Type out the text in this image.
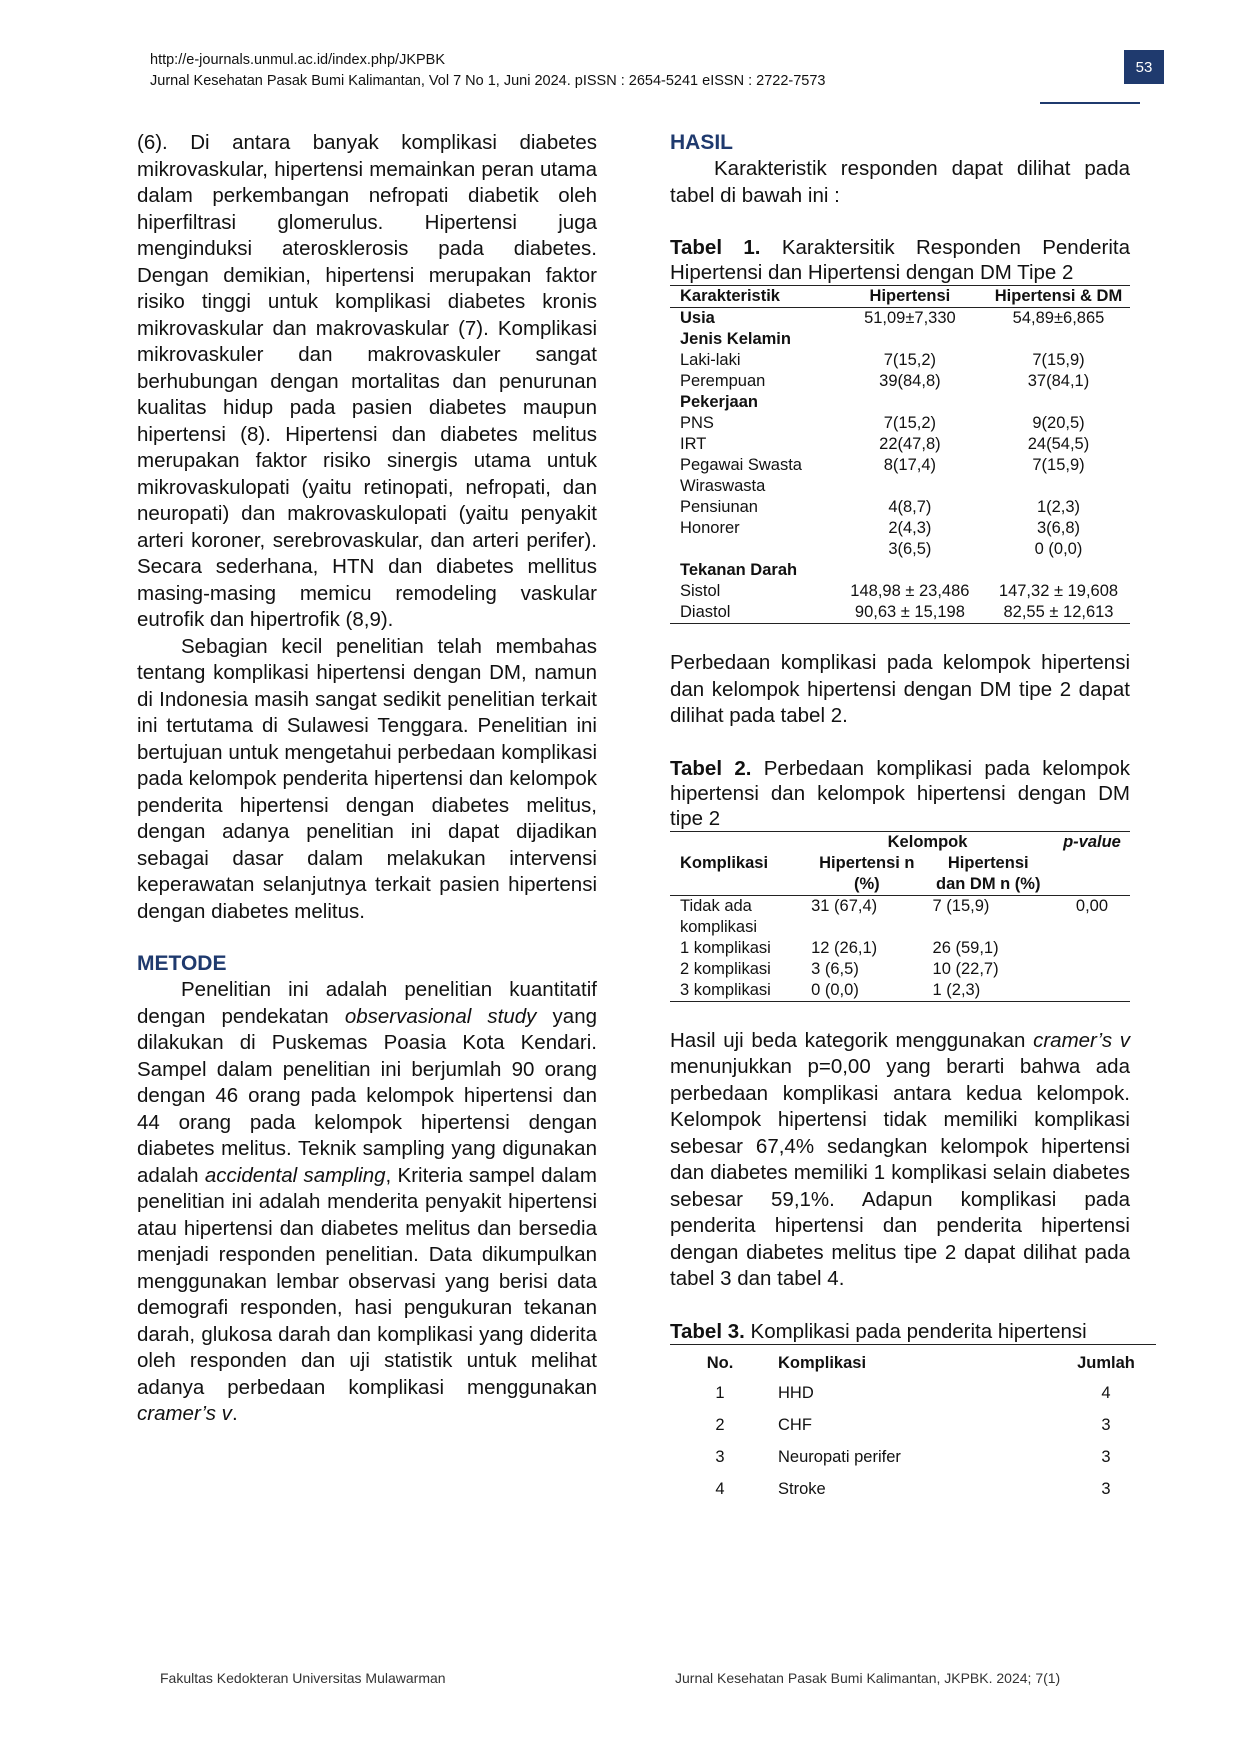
http://e-journals.unmul.ac.id/index.php/JKPBK
Jurnal Kesehatan Pasak Bumi Kalimantan, Vol 7 No 1, Juni 2024. pISSN : 2654-5241 eISSN : 2722-7573
53

(6). Di antara banyak komplikasi diabetes mikrovaskular, hipertensi memainkan peran utama dalam perkembangan nefropati diabetik oleh hiperfiltrasi glomerulus. Hipertensi juga menginduksi aterosklerosis pada diabetes. Dengan demikian, hipertensi merupakan faktor risiko tinggi untuk komplikasi diabetes kronis mikrovaskular dan makrovaskular (7). Komplikasi mikrovaskuler dan makrovaskuler sangat berhubungan dengan mortalitas dan penurunan kualitas hidup pada pasien diabetes maupun hipertensi (8). Hipertensi dan diabetes melitus merupakan faktor risiko sinergis utama untuk mikrovaskulopati (yaitu retinopati, nefropati, dan neuropati) dan makrovaskulopati (yaitu penyakit arteri koroner, serebrovaskular, dan arteri perifer). Secara sederhana, HTN dan diabetes mellitus masing-masing memicu remodeling vaskular eutrofik dan hipertrofik (8,9).

Sebagian kecil penelitian telah membahas tentang komplikasi hipertensi dengan DM, namun di Indonesia masih sangat sedikit penelitian terkait ini tertutama di Sulawesi Tenggara. Penelitian ini bertujuan untuk mengetahui perbedaan komplikasi pada kelompok penderita hipertensi dan kelompok penderita hipertensi dengan diabetes melitus, dengan adanya penelitian ini dapat dijadikan sebagai dasar dalam melakukan intervensi keperawatan selanjutnya terkait pasien hipertensi dengan diabetes melitus.

METODE

Penelitian ini adalah penelitian kuantitatif dengan pendekatan observasional study yang dilakukan di Puskemas Poasia Kota Kendari. Sampel dalam penelitian ini berjumlah 90 orang dengan 46 orang pada kelompok hipertensi dan 44 orang pada kelompok hipertensi dengan diabetes melitus. Teknik sampling yang digunakan adalah accidental sampling, Kriteria sampel dalam penelitian ini adalah menderita penyakit hipertensi atau hipertensi dan diabetes melitus dan bersedia menjadi responden penelitian. Data dikumpulkan menggunakan lembar observasi yang berisi data demografi responden, hasi pengukuran tekanan darah, glukosa darah dan komplikasi yang diderita oleh responden dan uji statistik untuk melihat adanya perbedaan komplikasi menggunakan cramer’s v.

HASIL

Karakteristik responden dapat dilihat pada tabel di bawah ini :

Tabel 1. Karaktersitik Responden Penderita Hipertensi dan Hipertensi dengan DM Tipe 2

Karakteristik	Hipertensi	Hipertensi & DM
Usia	51,09±7,330	54,89±6,865
Jenis Kelamin		
Laki-laki	7(15,2)	7(15,9)
Perempuan	39(84,8)	37(84,1)
Pekerjaan		
PNS	7(15,2)	9(20,5)
IRT	22(47,8)	24(54,5)
Pegawai Swasta	8(17,4)	7(15,9)
Wiraswasta		
Pensiunan	4(8,7)	1(2,3)
Honorer	2(4,3)	3(6,8)
	3(6,5)	0 (0,0)
Tekanan Darah		
Sistol	148,98 ± 23,486	147,32 ± 19,608
Diastol	90,63 ± 15,198	82,55 ± 12,613

Perbedaan komplikasi pada kelompok hipertensi dan kelompok hipertensi dengan DM tipe 2 dapat dilihat pada tabel 2.

Tabel 2. Perbedaan komplikasi pada kelompok hipertensi dan kelompok hipertensi dengan DM tipe 2

Komplikasi	Kelompok		p-value
	Hipertensi n (%)	Hipertensi dan DM n (%)	
Tidak ada komplikasi	31 (67,4)	7 (15,9)	0,00
1 komplikasi	12 (26,1)	26 (59,1)	
2 komplikasi	3 (6,5)	10 (22,7)	
3 komplikasi	0 (0,0)	1 (2,3)	

Hasil uji beda kategorik menggunakan cramer’s v menunjukkan p=0,00 yang berarti bahwa ada perbedaan komplikasi antara kedua kelompok. Kelompok hipertensi tidak memiliki komplikasi sebesar 67,4% sedangkan kelompok hipertensi dan diabetes memiliki 1 komplikasi selain diabetes sebesar 59,1%. Adapun komplikasi pada penderita hipertensi dan penderita hipertensi dengan diabetes melitus tipe 2 dapat dilihat pada tabel 3 dan tabel 4.

Tabel 3. Komplikasi pada penderita hipertensi

No.	Komplikasi	Jumlah
1	HHD	4
2	CHF	3
3	Neuropati perifer	3
4	Stroke	3
Fakultas Kedokteran Universitas Mulawarman	Jurnal Kesehatan Pasak Bumi Kalimantan, JKPBK. 2024; 7(1)
